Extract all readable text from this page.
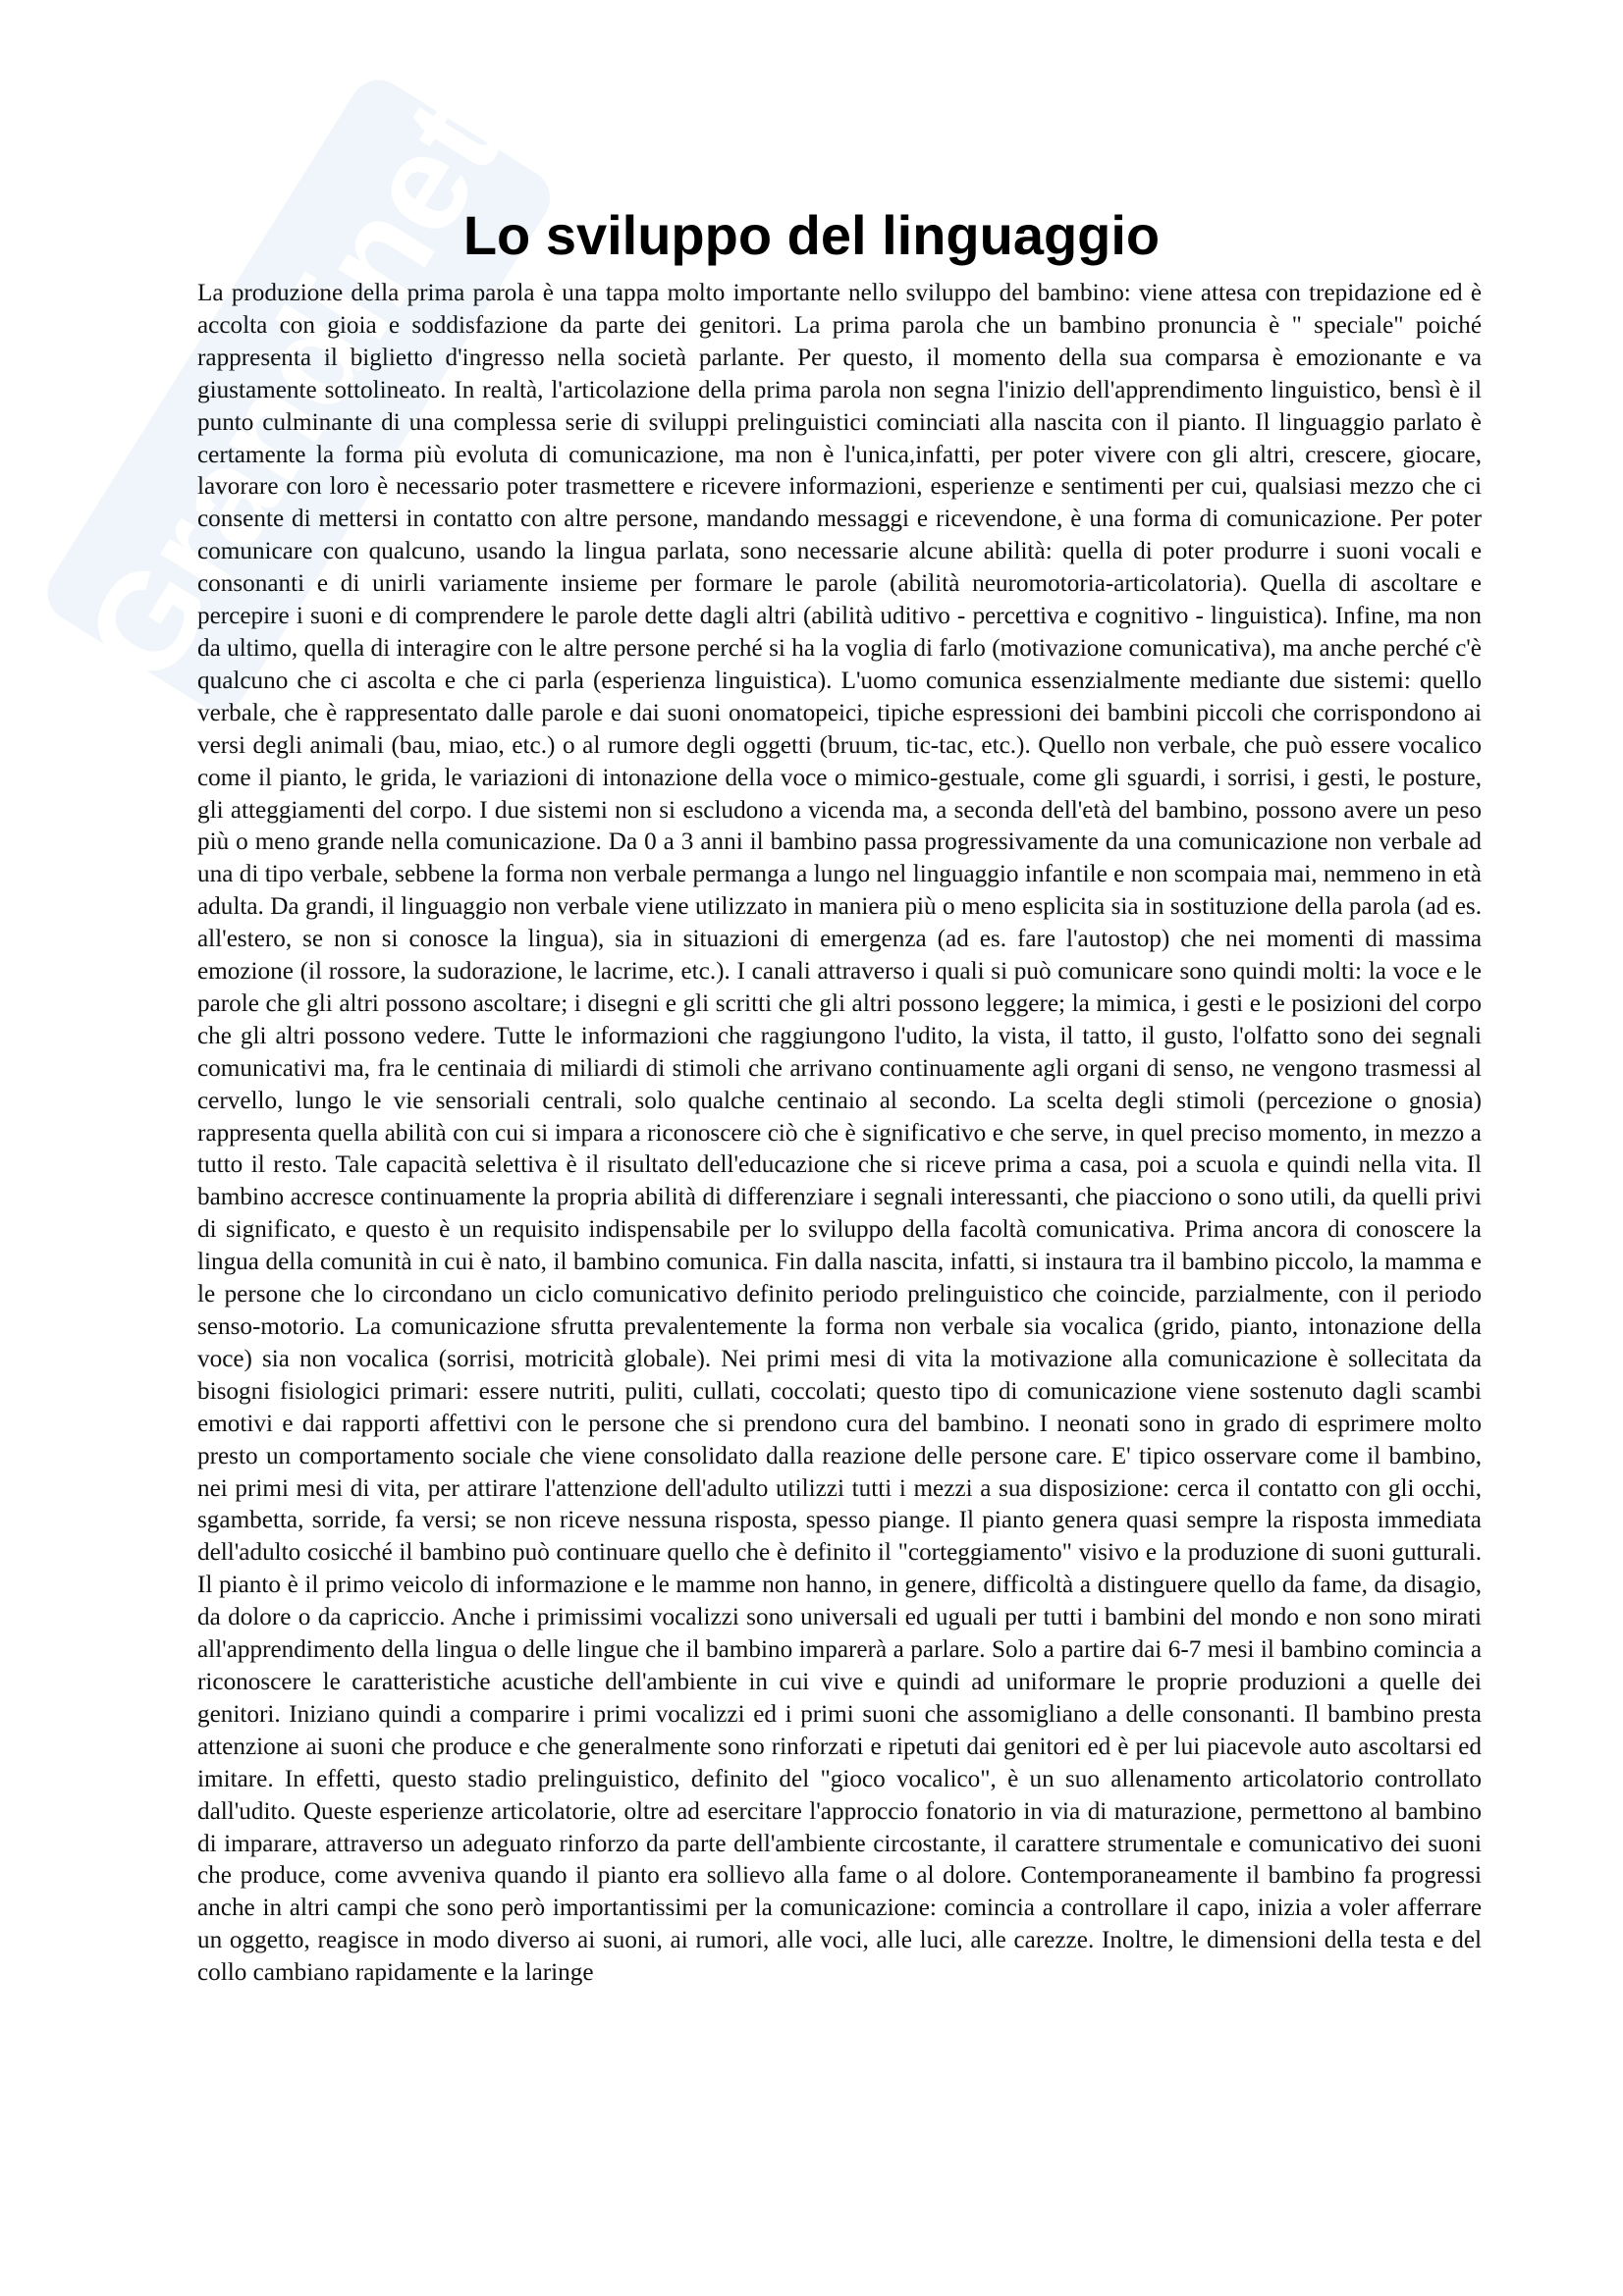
Grandinet
Lo sviluppo del linguaggio

La produzione della prima parola è una tappa molto importante nello sviluppo del bambino: viene attesa con trepidazione ed è accolta con gioia e soddisfazione da parte dei genitori. La prima parola che un bambino pronuncia è " speciale" poiché rappresenta il biglietto d'ingresso nella società parlante. Per questo, il momento della sua comparsa è emozionante e va giustamente sottolineato. In realtà, l'articolazione della prima parola non segna l'inizio dell'apprendimento linguistico, bensì è il punto culminante di una complessa serie di sviluppi prelinguistici cominciati alla nascita con il pianto. Il linguaggio parlato è certamente la forma più evoluta di comunicazione, ma non è l'unica,infatti, per poter vivere con gli altri, crescere, giocare, lavorare con loro è necessario poter trasmettere e ricevere informazioni, esperienze e sentimenti per cui, qualsiasi mezzo che ci consente di mettersi in contatto con altre persone, mandando messaggi e ricevendone, è una forma di comunicazione. Per poter comunicare con qualcuno, usando la lingua parlata, sono necessarie alcune abilità: quella di poter produrre i suoni vocali e consonanti e di unirli variamente insieme per formare le parole (abilità neuromotoria-articolatoria). Quella di ascoltare e percepire i suoni e di comprendere le parole dette dagli altri (abilità uditivo - percettiva e cognitivo - linguistica). Infine, ma non da ultimo, quella di interagire con le altre persone perché si ha la voglia di farlo (motivazione comunicativa), ma anche perché c'è qualcuno che ci ascolta e che ci parla (esperienza linguistica). L'uomo comunica essenzialmente mediante due sistemi: quello verbale, che è rappresentato dalle parole e dai suoni onomatopeici, tipiche espressioni dei bambini piccoli che corrispondono ai versi degli animali (bau, miao, etc.) o al rumore degli oggetti (bruum, tic-tac, etc.). Quello non verbale, che può essere vocalico come il pianto, le grida, le variazioni di intonazione della voce o mimico-gestuale, come gli sguardi, i sorrisi, i gesti, le posture, gli atteggiamenti del corpo. I due sistemi non si escludono a vicenda ma, a seconda dell'età del bambino, possono avere un peso più o meno grande nella comunicazione. Da 0 a 3 anni il bambino passa progressivamente da una comunicazione non verbale ad una di tipo verbale, sebbene la forma non verbale permanga a lungo nel linguaggio infantile e non scompaia mai, nemmeno in età adulta. Da grandi, il linguaggio non verbale viene utilizzato in maniera più o meno esplicita sia in sostituzione della parola (ad es. all'estero, se non si conosce la lingua), sia in situazioni di emergenza (ad es. fare l'autostop) che nei momenti di massima emozione (il rossore, la sudorazione, le lacrime, etc.). I canali attraverso i quali si può comunicare sono quindi molti: la voce e le parole che gli altri possono ascoltare; i disegni e gli scritti che gli altri possono leggere; la mimica, i gesti e le posizioni del corpo che gli altri possono vedere. Tutte le informazioni che raggiungono l'udito, la vista, il tatto, il gusto, l'olfatto sono dei segnali comunicativi ma, fra le centinaia di miliardi di stimoli che arrivano continuamente agli organi di senso, ne vengono trasmessi al cervello, lungo le vie sensoriali centrali, solo qualche centinaio al secondo. La scelta degli stimoli (percezione o gnosia) rappresenta quella abilità con cui si impara a riconoscere ciò che è significativo e che serve, in quel preciso momento, in mezzo a tutto il resto. Tale capacità selettiva è il risultato dell'educazione che si riceve prima a casa, poi a scuola e quindi nella vita. Il bambino accresce continuamente la propria abilità di differenziare i segnali interessanti, che piacciono o sono utili, da quelli privi di significato, e questo è un requisito indispensabile per lo sviluppo della facoltà comunicativa. Prima ancora di conoscere la lingua della comunità in cui è nato, il bambino comunica. Fin dalla nascita, infatti, si instaura tra il bambino piccolo, la mamma e le persone che lo circondano un ciclo comunicativo definito periodo prelinguistico che coincide, parzialmente, con il periodo senso-motorio. La comunicazione sfrutta prevalentemente la forma non verbale sia vocalica (grido, pianto, intonazione della voce) sia non vocalica (sorrisi, motricità globale). Nei primi mesi di vita la motivazione alla comunicazione è sollecitata da bisogni fisiologici primari: essere nutriti, puliti, cullati, coccolati; questo tipo di comunicazione viene sostenuto dagli scambi emotivi e dai rapporti affettivi con le persone che si prendono cura del bambino. I neonati sono in grado di esprimere molto presto un comportamento sociale che viene consolidato dalla reazione delle persone care. E' tipico osservare come il bambino, nei primi mesi di vita, per attirare l'attenzione dell'adulto utilizzi tutti i mezzi a sua disposizione: cerca il contatto con gli occhi, sgambetta, sorride, fa versi; se non riceve nessuna risposta, spesso piange. Il pianto genera quasi sempre la risposta immediata dell'adulto cosicché il bambino può continuare quello che è definito il "corteggiamento" visivo e la produzione di suoni gutturali. Il pianto è il primo veicolo di informazione e le mamme non hanno, in genere, difficoltà a distinguere quello da fame, da disagio, da dolore o da capriccio. Anche i primissimi vocalizzi sono universali ed uguali per tutti i bambini del mondo e non sono mirati all'apprendimento della lingua o delle lingue che il bambino imparerà a parlare. Solo a partire dai 6-7 mesi il bambino comincia a riconoscere le caratteristiche acustiche dell'ambiente in cui vive e quindi ad uniformare le proprie produzioni a quelle dei genitori. Iniziano quindi a comparire i primi vocalizzi ed i primi suoni che assomigliano a delle consonanti. Il bambino presta attenzione ai suoni che produce e che generalmente sono rinforzati e ripetuti dai genitori ed è per lui piacevole auto ascoltarsi ed imitare. In effetti, questo stadio prelinguistico, definito del "gioco vocalico", è un suo allenamento articolatorio controllato dall'udito. Queste esperienze articolatorie, oltre ad esercitare l'approccio fonatorio in via di maturazione, permettono al bambino di imparare, attraverso un adeguato rinforzo da parte dell'ambiente circostante, il carattere strumentale e comunicativo dei suoni che produce, come avveniva quando il pianto era sollievo alla fame o al dolore. Contemporaneamente il bambino fa progressi anche in altri campi che sono però importantissimi per la comunicazione: comincia a controllare il capo, inizia a voler afferrare un oggetto, reagisce in modo diverso ai suoni, ai rumori, alle voci, alle luci, alle carezze. Inoltre, le dimensioni della testa e del collo cambiano rapidamente e la laringe
